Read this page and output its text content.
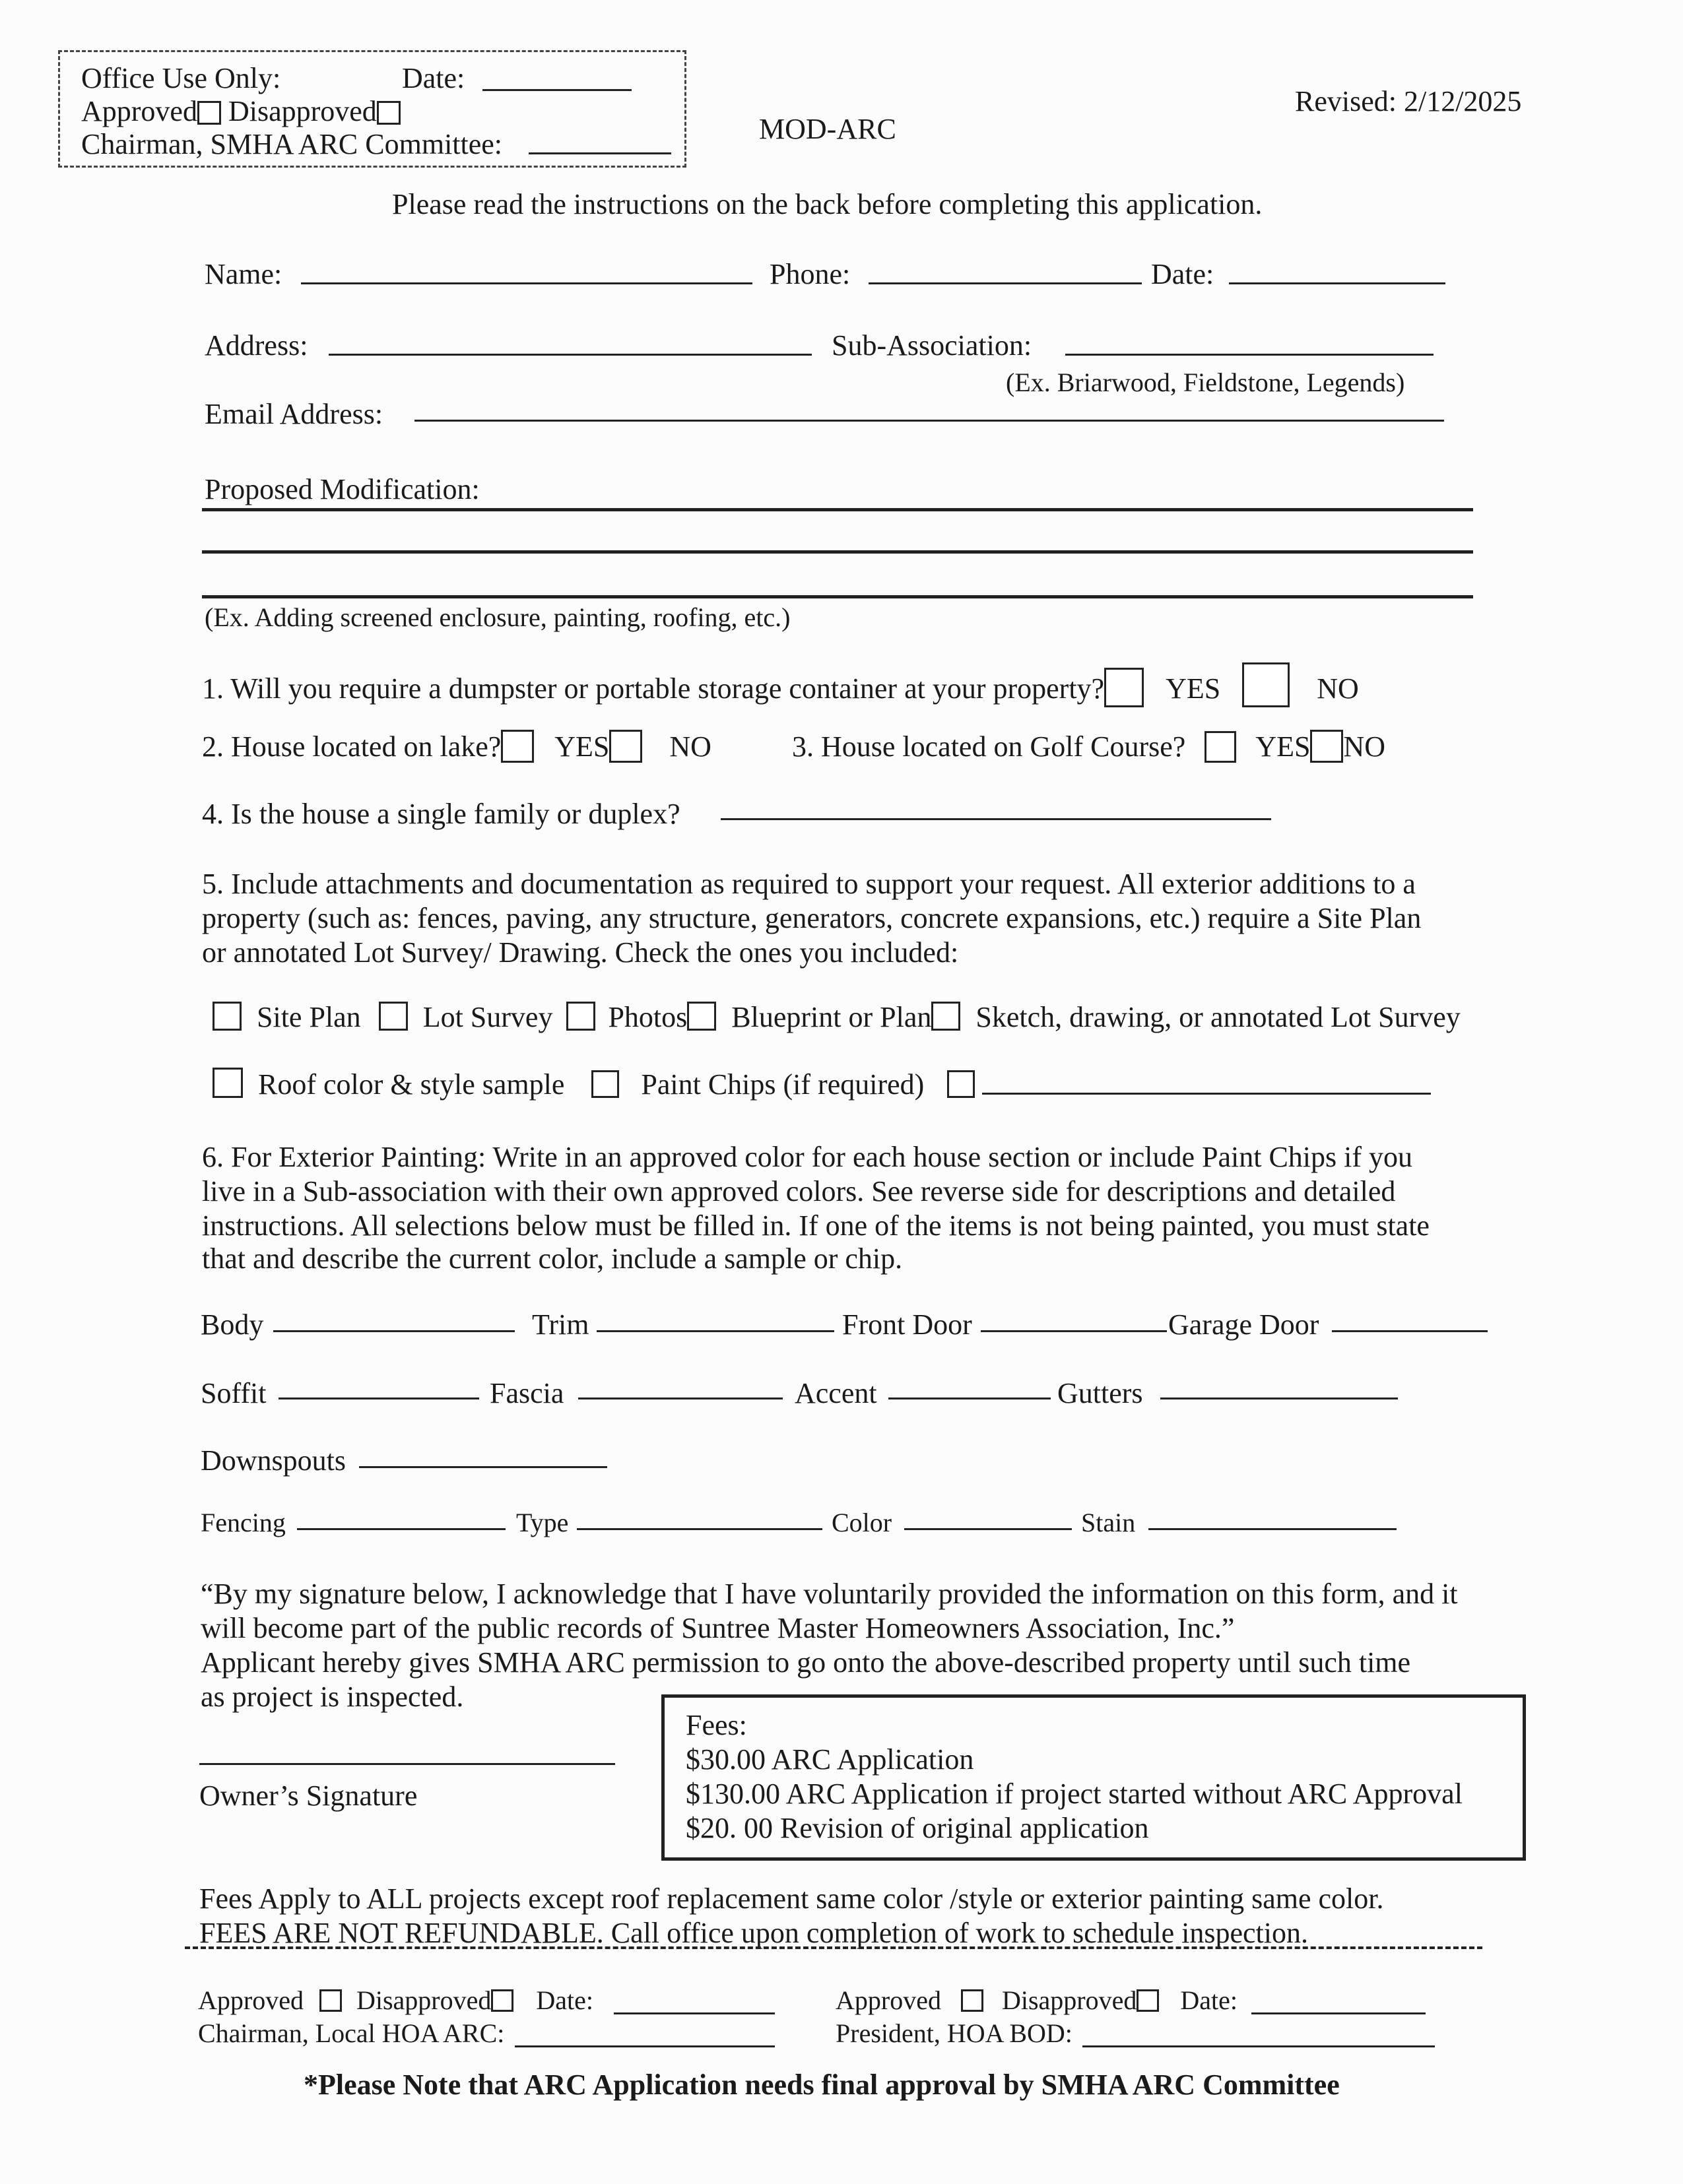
Office Use Only:	Date:
Approved Disapproved
Chairman, SMHA ARC Committee:	MOD-ARC
Revised: 2/12/2025
Please read the instructions on the back before completing this application.
Name:	Phone:	Date:
Address:	Sub-Association:
(Ex. Briarwood, Fieldstone, Legends)
Email Address:
Proposed Modification:
(Ex. Adding screened enclosure, painting, roofing, etc.)
1. Will you require a dumpster or portable storage container at your property? YES	NO
2. House located on lake? YES NO	3. House located on Golf Course? YES NO
4. Is the house a single family or duplex?
5. Include attachments and documentation as required to support your request. All exterior additions to a
property (such as: fences, paving, any structure, generators, concrete expansions, etc.) require a Site Plan
or annotated Lot Survey/ Drawing. Check the ones you included:
Site Plan Lot Survey Photos Blueprint or Plan Sketch, drawing, or annotated Lot Survey
Roof color & style sample	Paint Chips (if required)
6. For Exterior Painting: Write in an approved color for each house section or include Paint Chips if you
live in a Sub-association with their own approved colors. See reverse side for descriptions and detailed
instructions. All selections below must be filled in. If one of the items is not being painted, you must state
that and describe the current color, include a sample or chip.
Body	Trim	Front Door	Garage Door
Soffit	Fascia	Accent	Gutters
Downspouts
Fencing	Type	Color	Stain
“By my signature below, I acknowledge that I have voluntarily provided the information on this form, and it
will become part of the public records of Suntree Master Homeowners Association, Inc.”
Applicant hereby gives SMHA ARC permission to go onto the above-described property until such time
as project is inspected.
Owner’s Signature
Fees:
$30.00 ARC Application
$130.00 ARC Application if project started without ARC Approval
$20. 00 Revision of original application
Fees Apply to ALL projects except roof replacement same color /style or exterior painting same color.
FEES ARE NOT REFUNDABLE. Call office upon completion of work to schedule inspection.
Approved Disapproved Date:
Chairman, Local HOA ARC:
Approved Disapproved Date:
President, HOA BOD:
*Please Note that ARC Application needs final approval by SMHA ARC Committee
